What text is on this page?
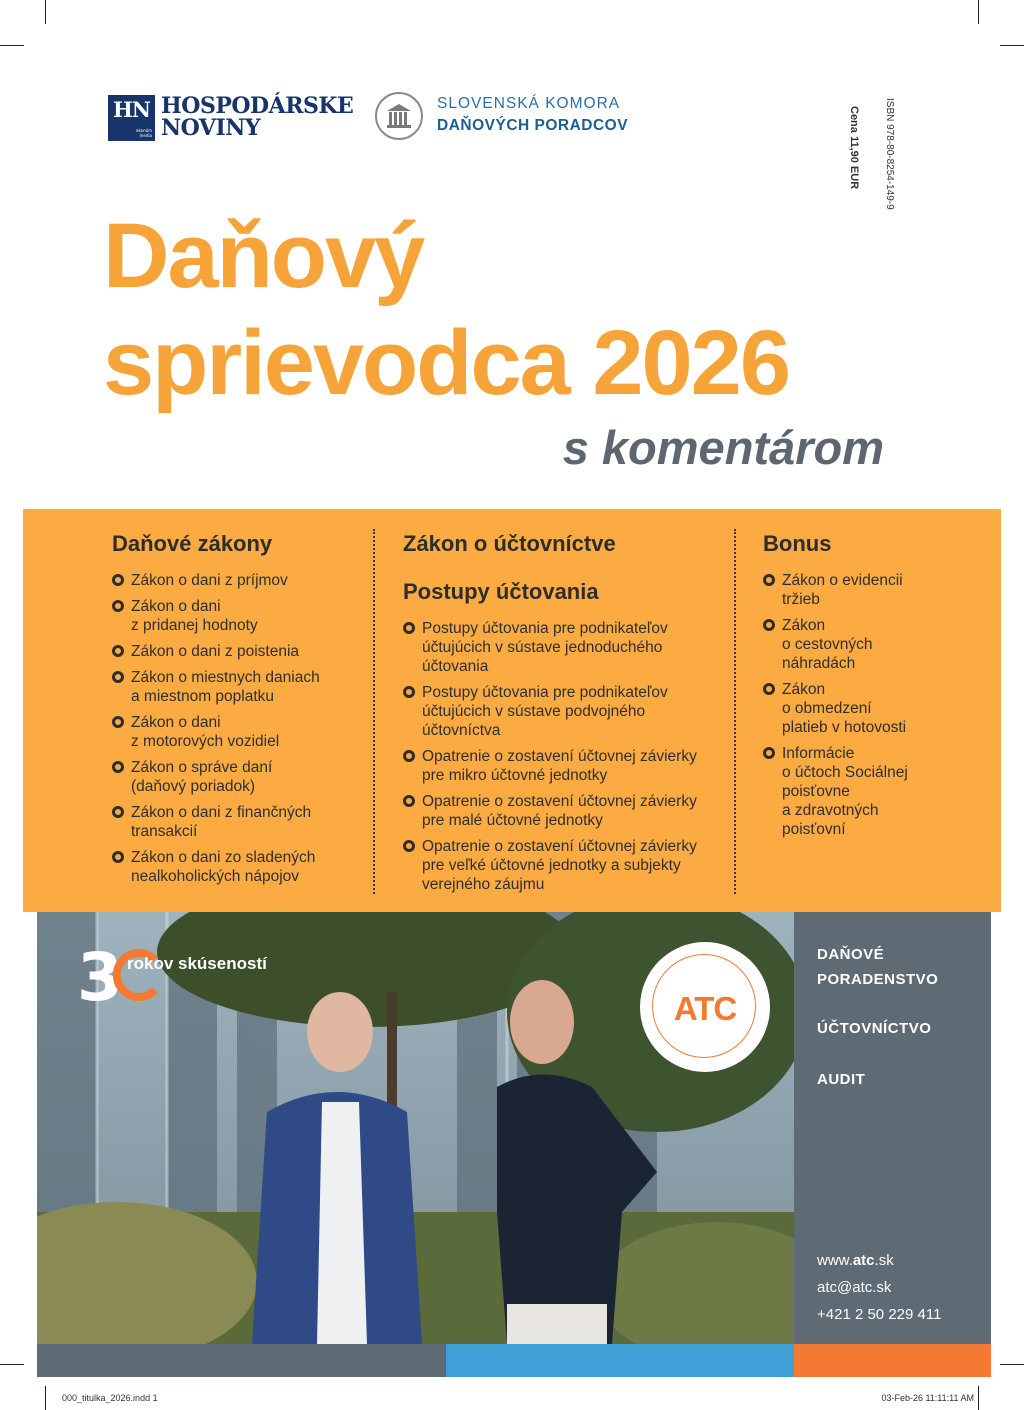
HN
ekonóm
media
HOSPODÁRSKE
NOVINY
SLOVENSKÁ KOMORA
DAŇOVÝCH PORADCOV	ISBN 978-80-8254-149-9
Cena 11,90 EUR
Daňový
sprievodca 2026
s komentárom
Daňové zákony
Zákon o dani z príjmov
Zákon o dani
z pridanej hodnoty
Zákon o dani z poistenia
Zákon o miestnych daniach
a miestnom poplatku
Zákon o dani
z motorových vozidiel
Zákon o správe daní
(daňový poriadok)
Zákon o dani z finančných
transakcií
Zákon o dani zo sladených
nealkoholických nápojov
Zákon o účtovníctve
Postupy účtovania
Postupy účtovania pre podnikateľov
účtujúcich v sústave jednoduchého
účtovania
Postupy účtovania pre podnikateľov
účtujúcich v sústave podvojného
účtovníctva
Opatrenie o zostavení účtovnej závierky
pre mikro účtovné jednotky
Opatrenie o zostavení účtovnej závierky
pre malé účtovné jednotky
Opatrenie o zostavení účtovnej závierky
pre veľké účtovné jednotky a subjekty
verejného záujmu
Bonus
Zákon o evidencii
tržieb
Zákon
o cestovných
náhradách
Zákon
o obmedzení
platieb v hotovosti
Informácie
o účtoch Sociálnej
poisťovne
a zdravotných
poisťovní
3 rokov skúseností
ATC
DAŇOVÉ
PORADENSTVO
ÚČTOVNÍCTVO
AUDIT
www.atc.sk
atc@atc.sk
+421 2 50 229 411
000_titulka_2026.indd 1	03-Feb-26 11:11:11 AM
